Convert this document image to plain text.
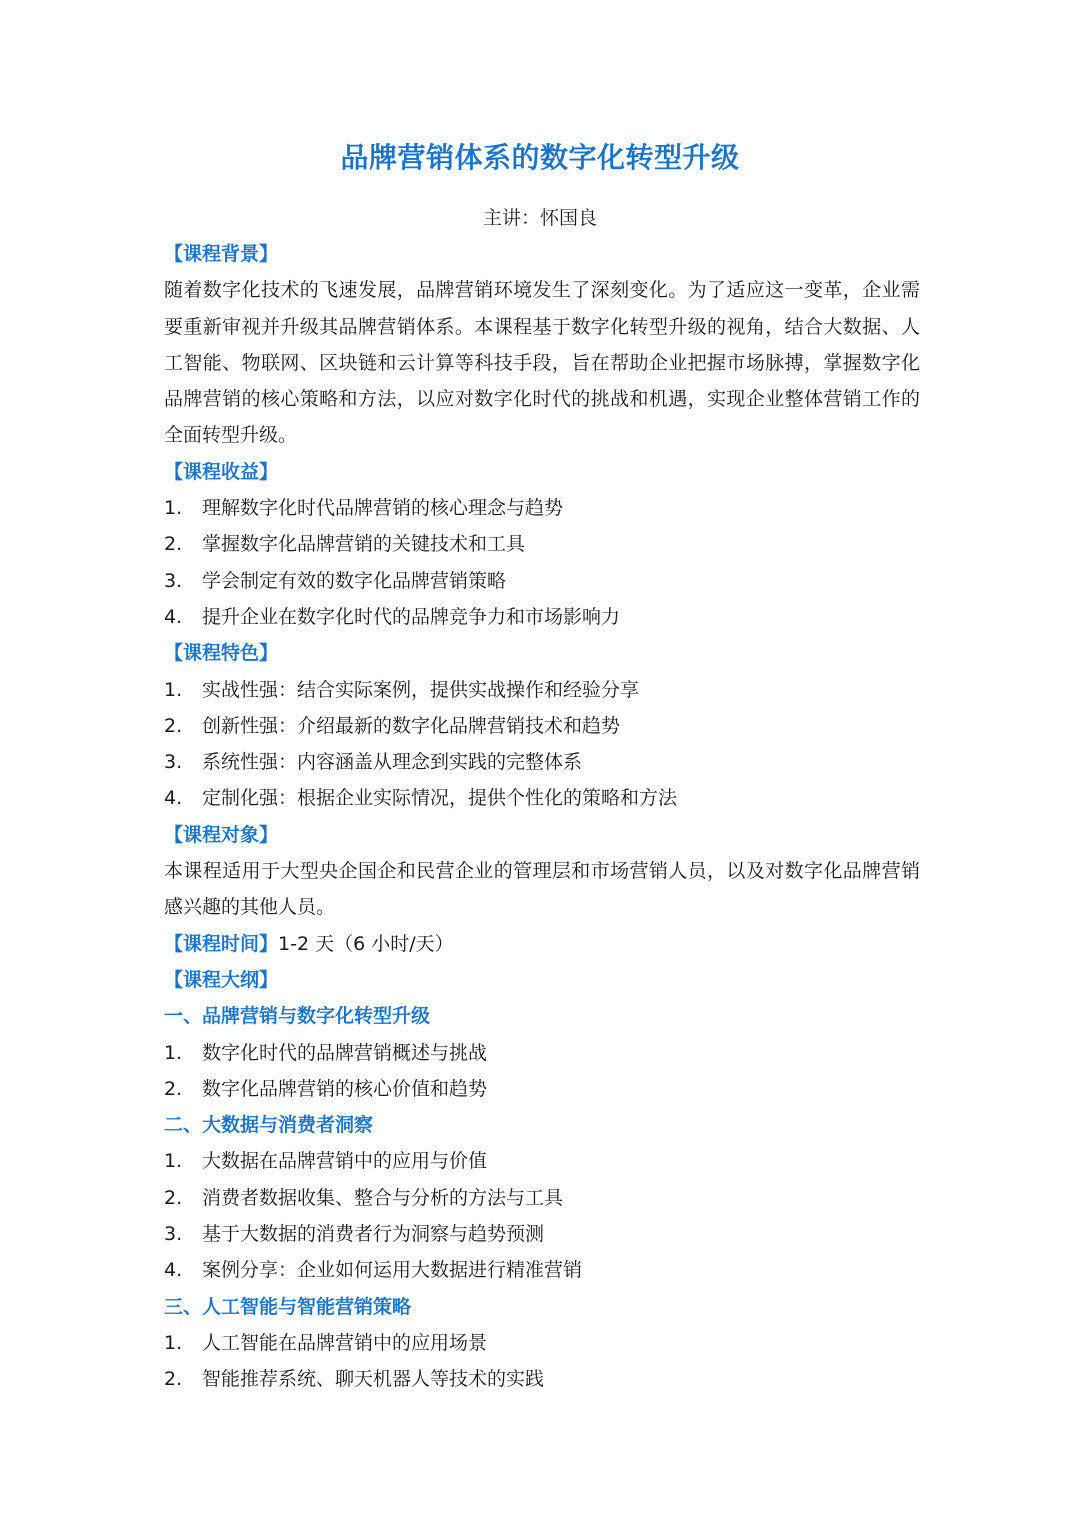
品牌营销体系的数字化转型升级
主讲：怀国良
【课程背景】
随着数字化技术的飞速发展，品牌营销环境发生了深刻变化。为了适应这一变革，企业需要重新审视并升级其品牌营销体系。本课程基于数字化转型升级的视角，结合大数据、人工智能、物联网、区块链和云计算等科技手段，旨在帮助企业把握市场脉搏，掌握数字化品牌营销的核心策略和方法，以应对数字化时代的挑战和机遇，实现企业整体营销工作的全面转型升级。
【课程收益】
1.	理解数字化时代品牌营销的核心理念与趋势
2.	掌握数字化品牌营销的关键技术和工具
3.	学会制定有效的数字化品牌营销策略
4.	提升企业在数字化时代的品牌竞争力和市场影响力
【课程特色】
1.	实战性强：结合实际案例，提供实战操作和经验分享
2.	创新性强：介绍最新的数字化品牌营销技术和趋势
3.	系统性强：内容涵盖从理念到实践的完整体系
4.	定制化强：根据企业实际情况，提供个性化的策略和方法
【课程对象】
本课程适用于大型央企国企和民营企业的管理层和市场营销人员，以及对数字化品牌营销感兴趣的其他人员。
【课程时间】1-2 天（6 小时/天）
【课程大纲】
一、品牌营销与数字化转型升级
1.	数字化时代的品牌营销概述与挑战
2.	数字化品牌营销的核心价值和趋势
二、大数据与消费者洞察
1.	大数据在品牌营销中的应用与价值
2.	消费者数据收集、整合与分析的方法与工具
3.	基于大数据的消费者行为洞察与趋势预测
4.	案例分享：企业如何运用大数据进行精准营销
三、人工智能与智能营销策略
1.	人工智能在品牌营销中的应用场景
2.	智能推荐系统、聊天机器人等技术的实践
